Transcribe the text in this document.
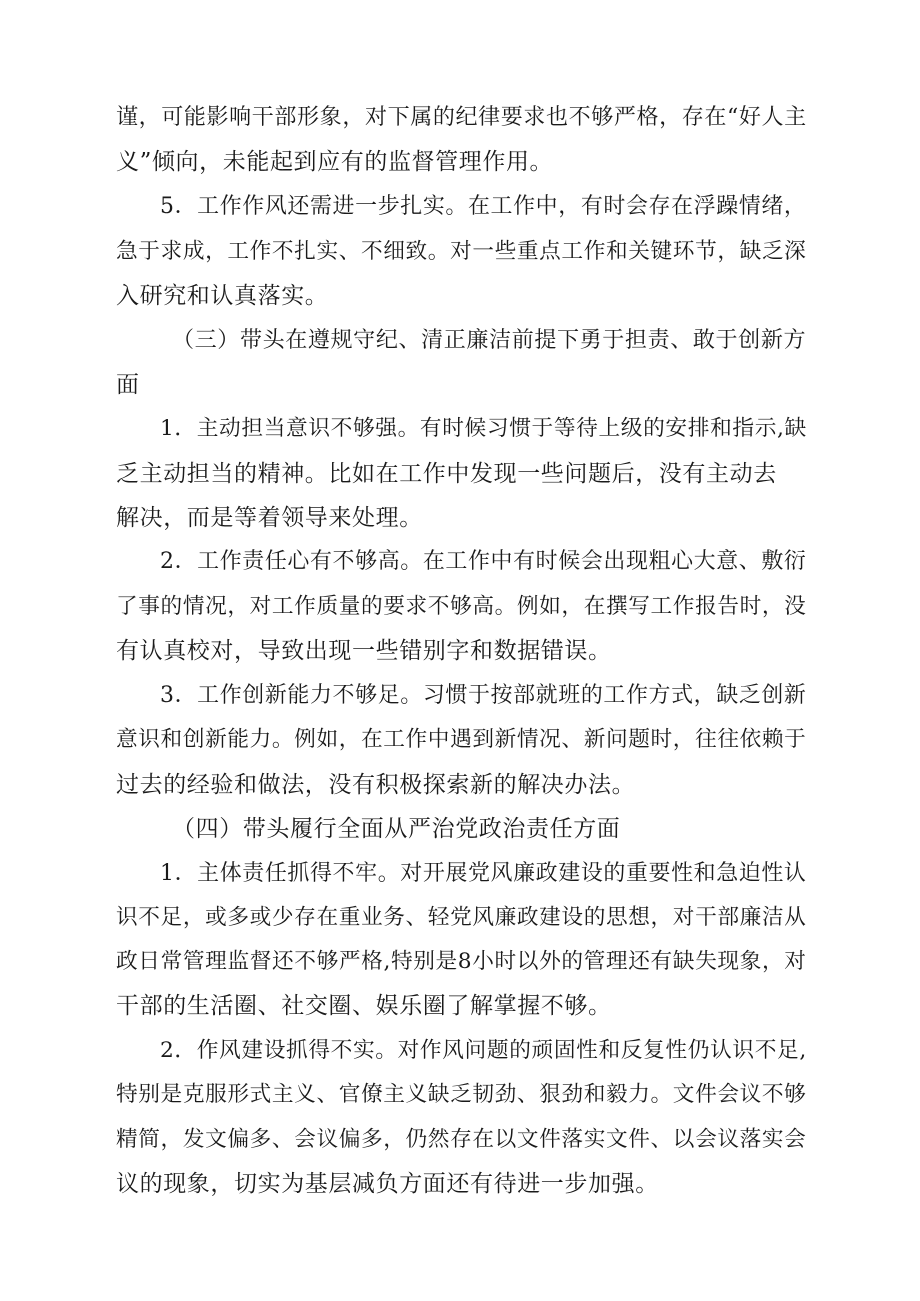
谨，可能影响干部形象，对下属的纪律要求也不够严格，存在“好人主
义”倾向，未能起到应有的监督管理作用。
5．工作作风还需进一步扎实。在工作中，有时会存在浮躁情绪，
急于求成，工作不扎实、不细致。对一些重点工作和关键环节，缺乏深
入研究和认真落实。
（三）带头在遵规守纪、清正廉洁前提下勇于担责、敢于创新方
面
1．主动担当意识不够强。有时候习惯于等待上级的安排和指示,缺
乏主动担当的精神。比如在工作中发现一些问题后，没有主动去
解决，而是等着领导来处理。
2．工作责任心有不够高。在工作中有时候会出现粗心大意、敷衍
了事的情况，对工作质量的要求不够高。例如，在撰写工作报告时，没
有认真校对，导致出现一些错别字和数据错误。
3．工作创新能力不够足。习惯于按部就班的工作方式，缺乏创新
意识和创新能力。例如，在工作中遇到新情况、新问题时，往往依赖于
过去的经验和做法，没有积极探索新的解决办法。
（四）带头履行全面从严治党政治责任方面
1．主体责任抓得不牢。对开展党风廉政建设的重要性和急迫性认
识不足，或多或少存在重业务、轻党风廉政建设的思想，对干部廉洁从
政日常管理监督还不够严格,特别是8小时以外的管理还有缺失现象，对
干部的生活圈、社交圈、娱乐圈了解掌握不够。
2．作风建设抓得不实。对作风问题的顽固性和反复性仍认识不足,
特别是克服形式主义、官僚主义缺乏韧劲、狠劲和毅力。文件会议不够
精简，发文偏多、会议偏多，仍然存在以文件落实文件、以会议落实会
议的现象，切实为基层减负方面还有待进一步加强。
